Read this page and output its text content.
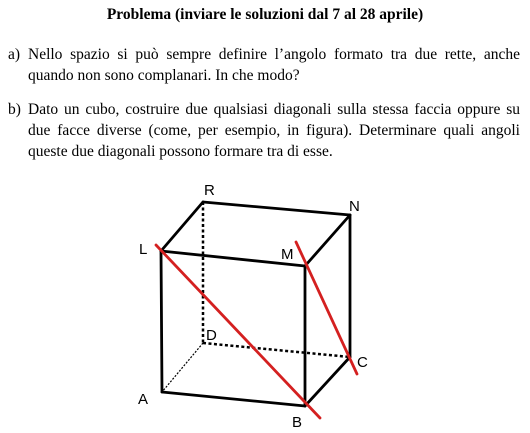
Problema (inviare le soluzioni dal 7 al 28 aprile)
a) Nello spazio si può sempre definire l’angolo formato tra due rette, anche quando non sono complanari. In che modo?
b) Dato un cubo, costruire due qualsiasi diagonali sulla stessa faccia oppure su due facce diverse (come, per esempio, in figura). Determinare quali angoli queste due diagonali possono formare tra di esse.
R
N
L	M
D
C
A
B
